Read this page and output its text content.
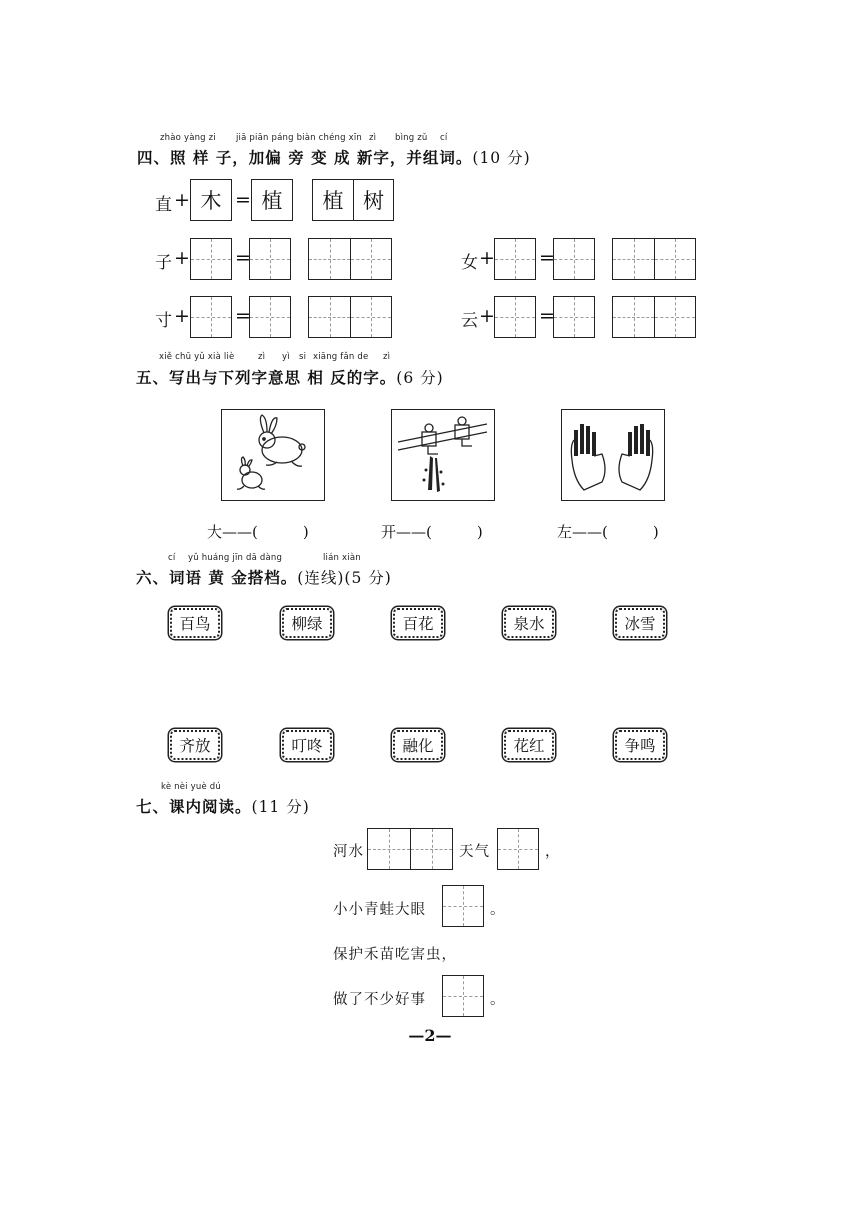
zhào yàng zi jiā piān páng biàn chéng xīn zì bìng zǔ cí
四、照 样 子，加偏 旁 变 成 新字，并组词。(10 分)
直 + 木 = 植	植 树
子 + =	女 + =
寸 + =	云 + =
xiě chū yǔ xià liè	zì yì si xiāng fǎn de zì
五、写出与下列字意思 相 反的字。(6 分)
大——(　　　)	开——(　　　)	左——(　　　)
cí yǔ huáng jīn dā dàng	lián xiàn
六、词语 黄 金搭档。(连线)(5 分)
百鸟	柳绿	百花	泉水	冰雪
齐放	叮咚	融化	花红	争鸣
kè nèi yuè dú
七、课内阅读。(11 分)
河水	天气	，
小小青蛙大眼	。
保护禾苗吃害虫，
做了不少好事	。
—2—
